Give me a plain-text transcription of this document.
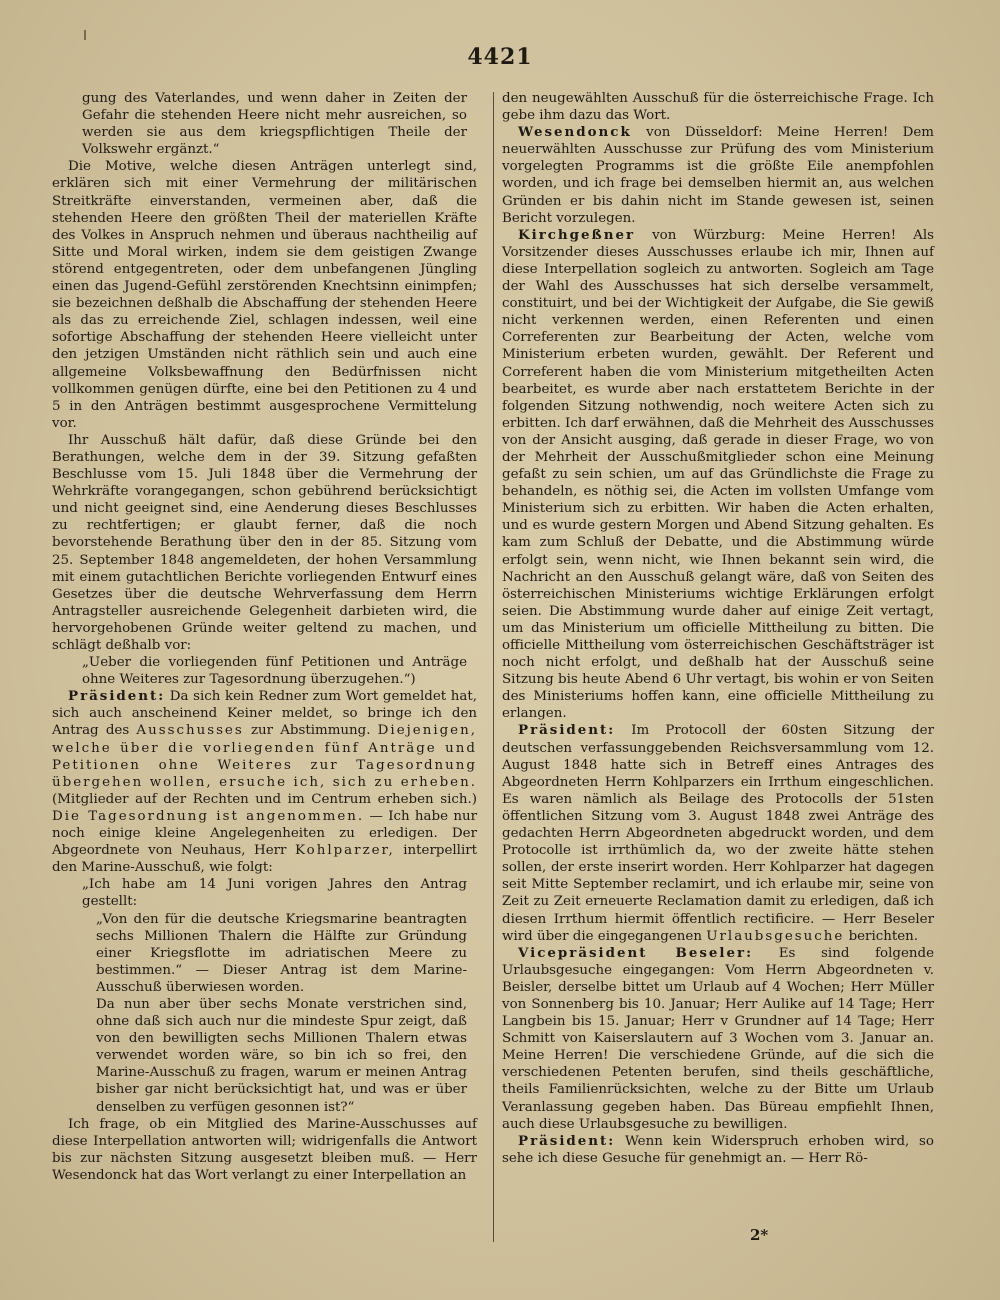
4421

gung des Vaterlandes, und wenn daher in Zeiten der Gefahr die stehenden Heere nicht mehr ausreichen, so werden sie aus dem kriegspflichtigen Theile der Volkswehr ergänzt.“

Die Motive, welche diesen Anträgen unterlegt sind, erklären sich mit einer Vermehrung der militärischen Streitkräfte einverstanden, vermeinen aber, daß die stehenden Heere den größten Theil der materiellen Kräfte des Volkes in Anspruch nehmen und überaus nachtheilig auf Sitte und Moral wirken, indem sie dem geistigen Zwange störend entgegentreten, oder dem unbefangenen Jüngling einen das Jugend-Gefühl zerstörenden Knechtsinn einimpfen; sie bezeichnen deßhalb die Abschaffung der stehenden Heere als das zu erreichende Ziel, schlagen indessen, weil eine sofortige Abschaffung der stehenden Heere vielleicht unter den jetzigen Umständen nicht räthlich sein und auch eine allgemeine Volksbewaffnung den Bedürfnissen nicht vollkommen genügen dürfte, eine bei den Petitionen zu 4 und 5 in den Anträgen bestimmt ausgesprochene Vermittelung vor.

Ihr Ausschuß hält dafür, daß diese Gründe bei den Berathungen, welche dem in der 39. Sitzung gefaßten Beschlusse vom 15. Juli 1848 über die Vermehrung der Wehrkräfte vorangegangen, schon gebührend berücksichtigt und nicht geeignet sind, eine Aenderung dieses Beschlusses zu rechtfertigen; er glaubt ferner, daß die noch bevorstehende Berathung über den in der 85. Sitzung vom 25. September 1848 angemeldeten, der hohen Versammlung mit einem gutachtlichen Berichte vorliegenden Entwurf eines Gesetzes über die deutsche Wehrverfassung dem Herrn Antragsteller ausreichende Gelegenheit darbieten wird, die hervorgehobenen Gründe weiter geltend zu machen, und schlägt deßhalb vor:

„Ueber die vorliegenden fünf Petitionen und Anträge ohne Weiteres zur Tagesordnung überzugehen.“)

Präsident: Da sich kein Redner zum Wort gemeldet hat, sich auch anscheinend Keiner meldet, so bringe ich den Antrag des Ausschusses zur Abstimmung. Diejenigen, welche über die vorliegenden fünf Anträge und Petitionen ohne Weiteres zur Tagesordnung übergehen wollen, ersuche ich, sich zu erheben. (Mitglieder auf der Rechten und im Centrum erheben sich.) Die Tagesordnung ist angenommen. — Ich habe nur noch einige kleine Angelegenheiten zu erledigen. Der Abgeordnete von Neuhaus, Herr Kohlparzer, interpellirt den Marine-Ausschuß, wie folgt:

„Ich habe am 14 Juni vorigen Jahres den Antrag gestellt:

„Von den für die deutsche Kriegsmarine beantragten sechs Millionen Thalern die Hälfte zur Gründung einer Kriegsflotte im adriatischen Meere zu bestimmen.“ — Dieser Antrag ist dem Marine-Ausschuß überwiesen worden.

Da nun aber über sechs Monate verstrichen sind, ohne daß sich auch nur die mindeste Spur zeigt, daß von den bewilligten sechs Millionen Thalern etwas verwendet worden wäre, so bin ich so frei, den Marine-Ausschuß zu fragen, warum er meinen Antrag bisher gar nicht berücksichtigt hat, und was er über denselben zu verfügen gesonnen ist?“

Ich frage, ob ein Mitglied des Marine-Ausschusses auf diese Interpellation antworten will; widrigenfalls die Antwort bis zur nächsten Sitzung ausgesetzt bleiben muß. — Herr Wesendonck hat das Wort verlangt zu einer Interpellation an

den neugewählten Ausschuß für die österreichische Frage. Ich gebe ihm dazu das Wort.

Wesendonck von Düsseldorf: Meine Herren! Dem neuerwählten Ausschusse zur Prüfung des vom Ministerium vorgelegten Programms ist die größte Eile anempfohlen worden, und ich frage bei demselben hiermit an, aus welchen Gründen er bis dahin nicht im Stande gewesen ist, seinen Bericht vorzulegen.

Kirchgeßner von Würzburg: Meine Herren! Als Vorsitzender dieses Ausschusses erlaube ich mir, Ihnen auf diese Interpellation sogleich zu antworten. Sogleich am Tage der Wahl des Ausschusses hat sich derselbe versammelt, constituirt, und bei der Wichtigkeit der Aufgabe, die Sie gewiß nicht verkennen werden, einen Referenten und einen Correferenten zur Bearbeitung der Acten, welche vom Ministerium erbeten wurden, gewählt. Der Referent und Correferent haben die vom Ministerium mitgetheilten Acten bearbeitet, es wurde aber nach erstattetem Berichte in der folgenden Sitzung nothwendig, noch weitere Acten sich zu erbitten. Ich darf erwähnen, daß die Mehrheit des Ausschusses von der Ansicht ausging, daß gerade in dieser Frage, wo von der Mehrheit der Ausschußmitglieder schon eine Meinung gefaßt zu sein schien, um auf das Gründlichste die Frage zu behandeln, es nöthig sei, die Acten im vollsten Umfange vom Ministerium sich zu erbitten. Wir haben die Acten erhalten, und es wurde gestern Morgen und Abend Sitzung gehalten. Es kam zum Schluß der Debatte, und die Abstimmung würde erfolgt sein, wenn nicht, wie Ihnen bekannt sein wird, die Nachricht an den Ausschuß gelangt wäre, daß von Seiten des österreichischen Ministeriums wichtige Erklärungen erfolgt seien. Die Abstimmung wurde daher auf einige Zeit vertagt, um das Ministerium um officielle Mittheilung zu bitten. Die officielle Mittheilung vom österreichischen Geschäftsträger ist noch nicht erfolgt, und deßhalb hat der Ausschuß seine Sitzung bis heute Abend 6 Uhr vertagt, bis wohin er von Seiten des Ministeriums hoffen kann, eine officielle Mittheilung zu erlangen.

Präsident: Im Protocoll der 60sten Sitzung der deutschen verfassunggebenden Reichsversammlung vom 12. August 1848 hatte sich in Betreff eines Antrages des Abgeordneten Herrn Kohlparzers ein Irrthum eingeschlichen. Es waren nämlich als Beilage des Protocolls der 51sten öffentlichen Sitzung vom 3. August 1848 zwei Anträge des gedachten Herrn Abgeordneten abgedruckt worden, und dem Protocolle ist irrthümlich da, wo der zweite hätte stehen sollen, der erste inserirt worden. Herr Kohlparzer hat dagegen seit Mitte September reclamirt, und ich erlaube mir, seine von Zeit zu Zeit erneuerte Reclamation damit zu erledigen, daß ich diesen Irrthum hiermit öffentlich rectificire. — Herr Beseler wird über die eingegangenen Urlaubsgesuche berichten.

Vicepräsident Beseler: Es sind folgende Urlaubsgesuche eingegangen: Vom Herrn Abgeordneten v. Beisler, derselbe bittet um Urlaub auf 4 Wochen; Herr Müller von Sonnenberg bis 10. Januar; Herr Aulike auf 14 Tage; Herr Langbein bis 15. Januar; Herr v Grundner auf 14 Tage; Herr Schmitt von Kaiserslautern auf 3 Wochen vom 3. Januar an. Meine Herren! Die verschiedene Gründe, auf die sich die verschiedenen Petenten berufen, sind theils geschäftliche, theils Familienrücksichten, welche zu der Bitte um Urlaub Veranlassung gegeben haben. Das Büreau empfiehlt Ihnen, auch diese Urlaubsgesuche zu bewilligen.

Präsident: Wenn kein Widerspruch erhoben wird, so sehe ich diese Gesuche für genehmigt an. — Herr Rö-

2*
